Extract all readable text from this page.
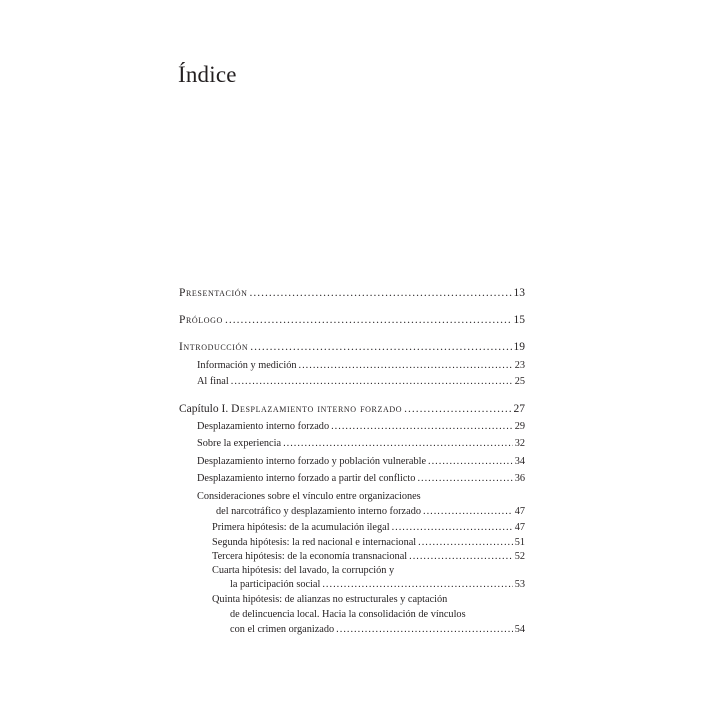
Índice
Presentación .....	13
Prólogo .....	15
Introducción .....	19
Información y medición .....	23
Al final .....	25
Capítulo I. Desplazamiento interno forzado .....	27
Desplazamiento interno forzado .....	29
Sobre la experiencia .....	32
Desplazamiento interno forzado y población vulnerable .....	34
Desplazamiento interno forzado a partir del conflicto .....	36
Consideraciones sobre el vínculo entre organizaciones
del narcotráfico y desplazamiento interno forzado .....	47
Primera hipótesis: de la acumulación ilegal .....	47
Segunda hipótesis: la red nacional e internacional .....	51
Tercera hipótesis: de la economía transnacional .....	52
Cuarta hipótesis: del lavado, la corrupción y
la participación social .....	53
Quinta hipótesis: de alianzas no estructurales y captación
de delincuencia local. Hacia la consolidación de vínculos
con el crimen organizado .....	54
